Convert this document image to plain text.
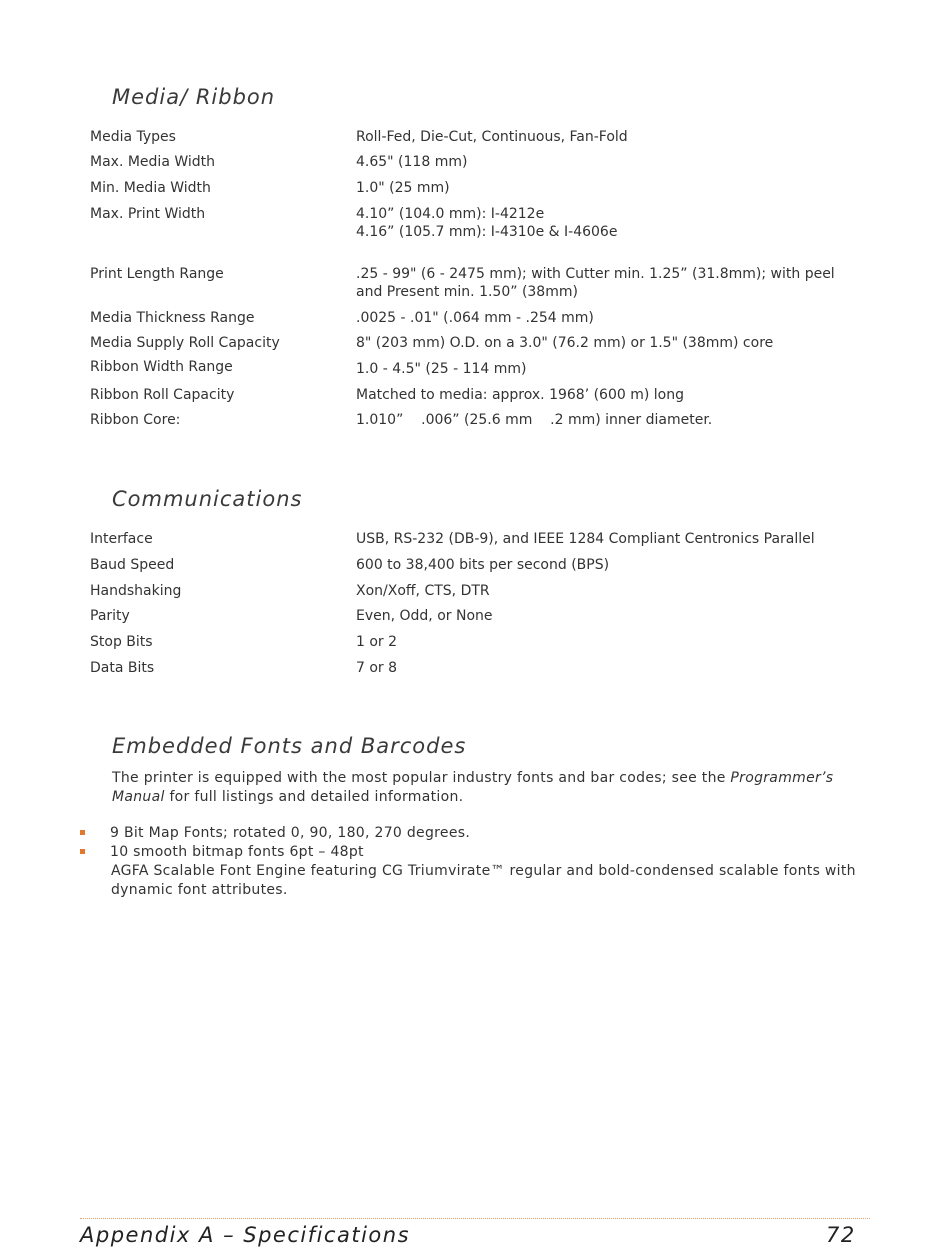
Media/ Ribbon
Media Types	Roll-Fed, Die-Cut, Continuous, Fan-Fold
Max. Media Width	4.65" (118 mm)
Min. Media Width	1.0" (25 mm)
Max. Print Width	4.10” (104.0 mm): I-4212e
4.16” (105.7 mm): I-4310e & I-4606e
Print Length Range	.25 - 99" (6 - 2475 mm); with Cutter min. 1.25” (31.8mm); with peel
and Present min. 1.50” (38mm)
Media Thickness Range	.0025 - .01" (.064 mm - .254 mm)
Media Supply Roll Capacity	8" (203 mm) O.D. on a 3.0" (76.2 mm) or 1.5" (38mm) core
Ribbon Width Range	1.0 - 4.5" (25 - 114 mm)
Ribbon Roll Capacity	Matched to media: approx. 1968’ (600 m) long
Ribbon Core:	1.010”    .006” (25.6 mm    .2 mm) inner diameter.
Communications
Interface	USB, RS-232 (DB-9), and IEEE 1284 Compliant Centronics Parallel
Baud Speed	600 to 38,400 bits per second (BPS)
Handshaking	Xon/Xoff, CTS, DTR
Parity	Even, Odd, or None
Stop Bits	1 or 2
Data Bits	7 or 8
Embedded Fonts and Barcodes

The printer is equipped with the most popular industry fonts and bar codes; see the Programmer’s Manual for full listings and detailed information.

9 Bit Map Fonts; rotated 0, 90, 180, 270 degrees.
10 smooth bitmap fonts 6pt – 48pt

AGFA Scalable Font Engine featuring CG Triumvirate™ regular and bold-condensed scalable fonts with dynamic font attributes.

Appendix A – Specifications	72
